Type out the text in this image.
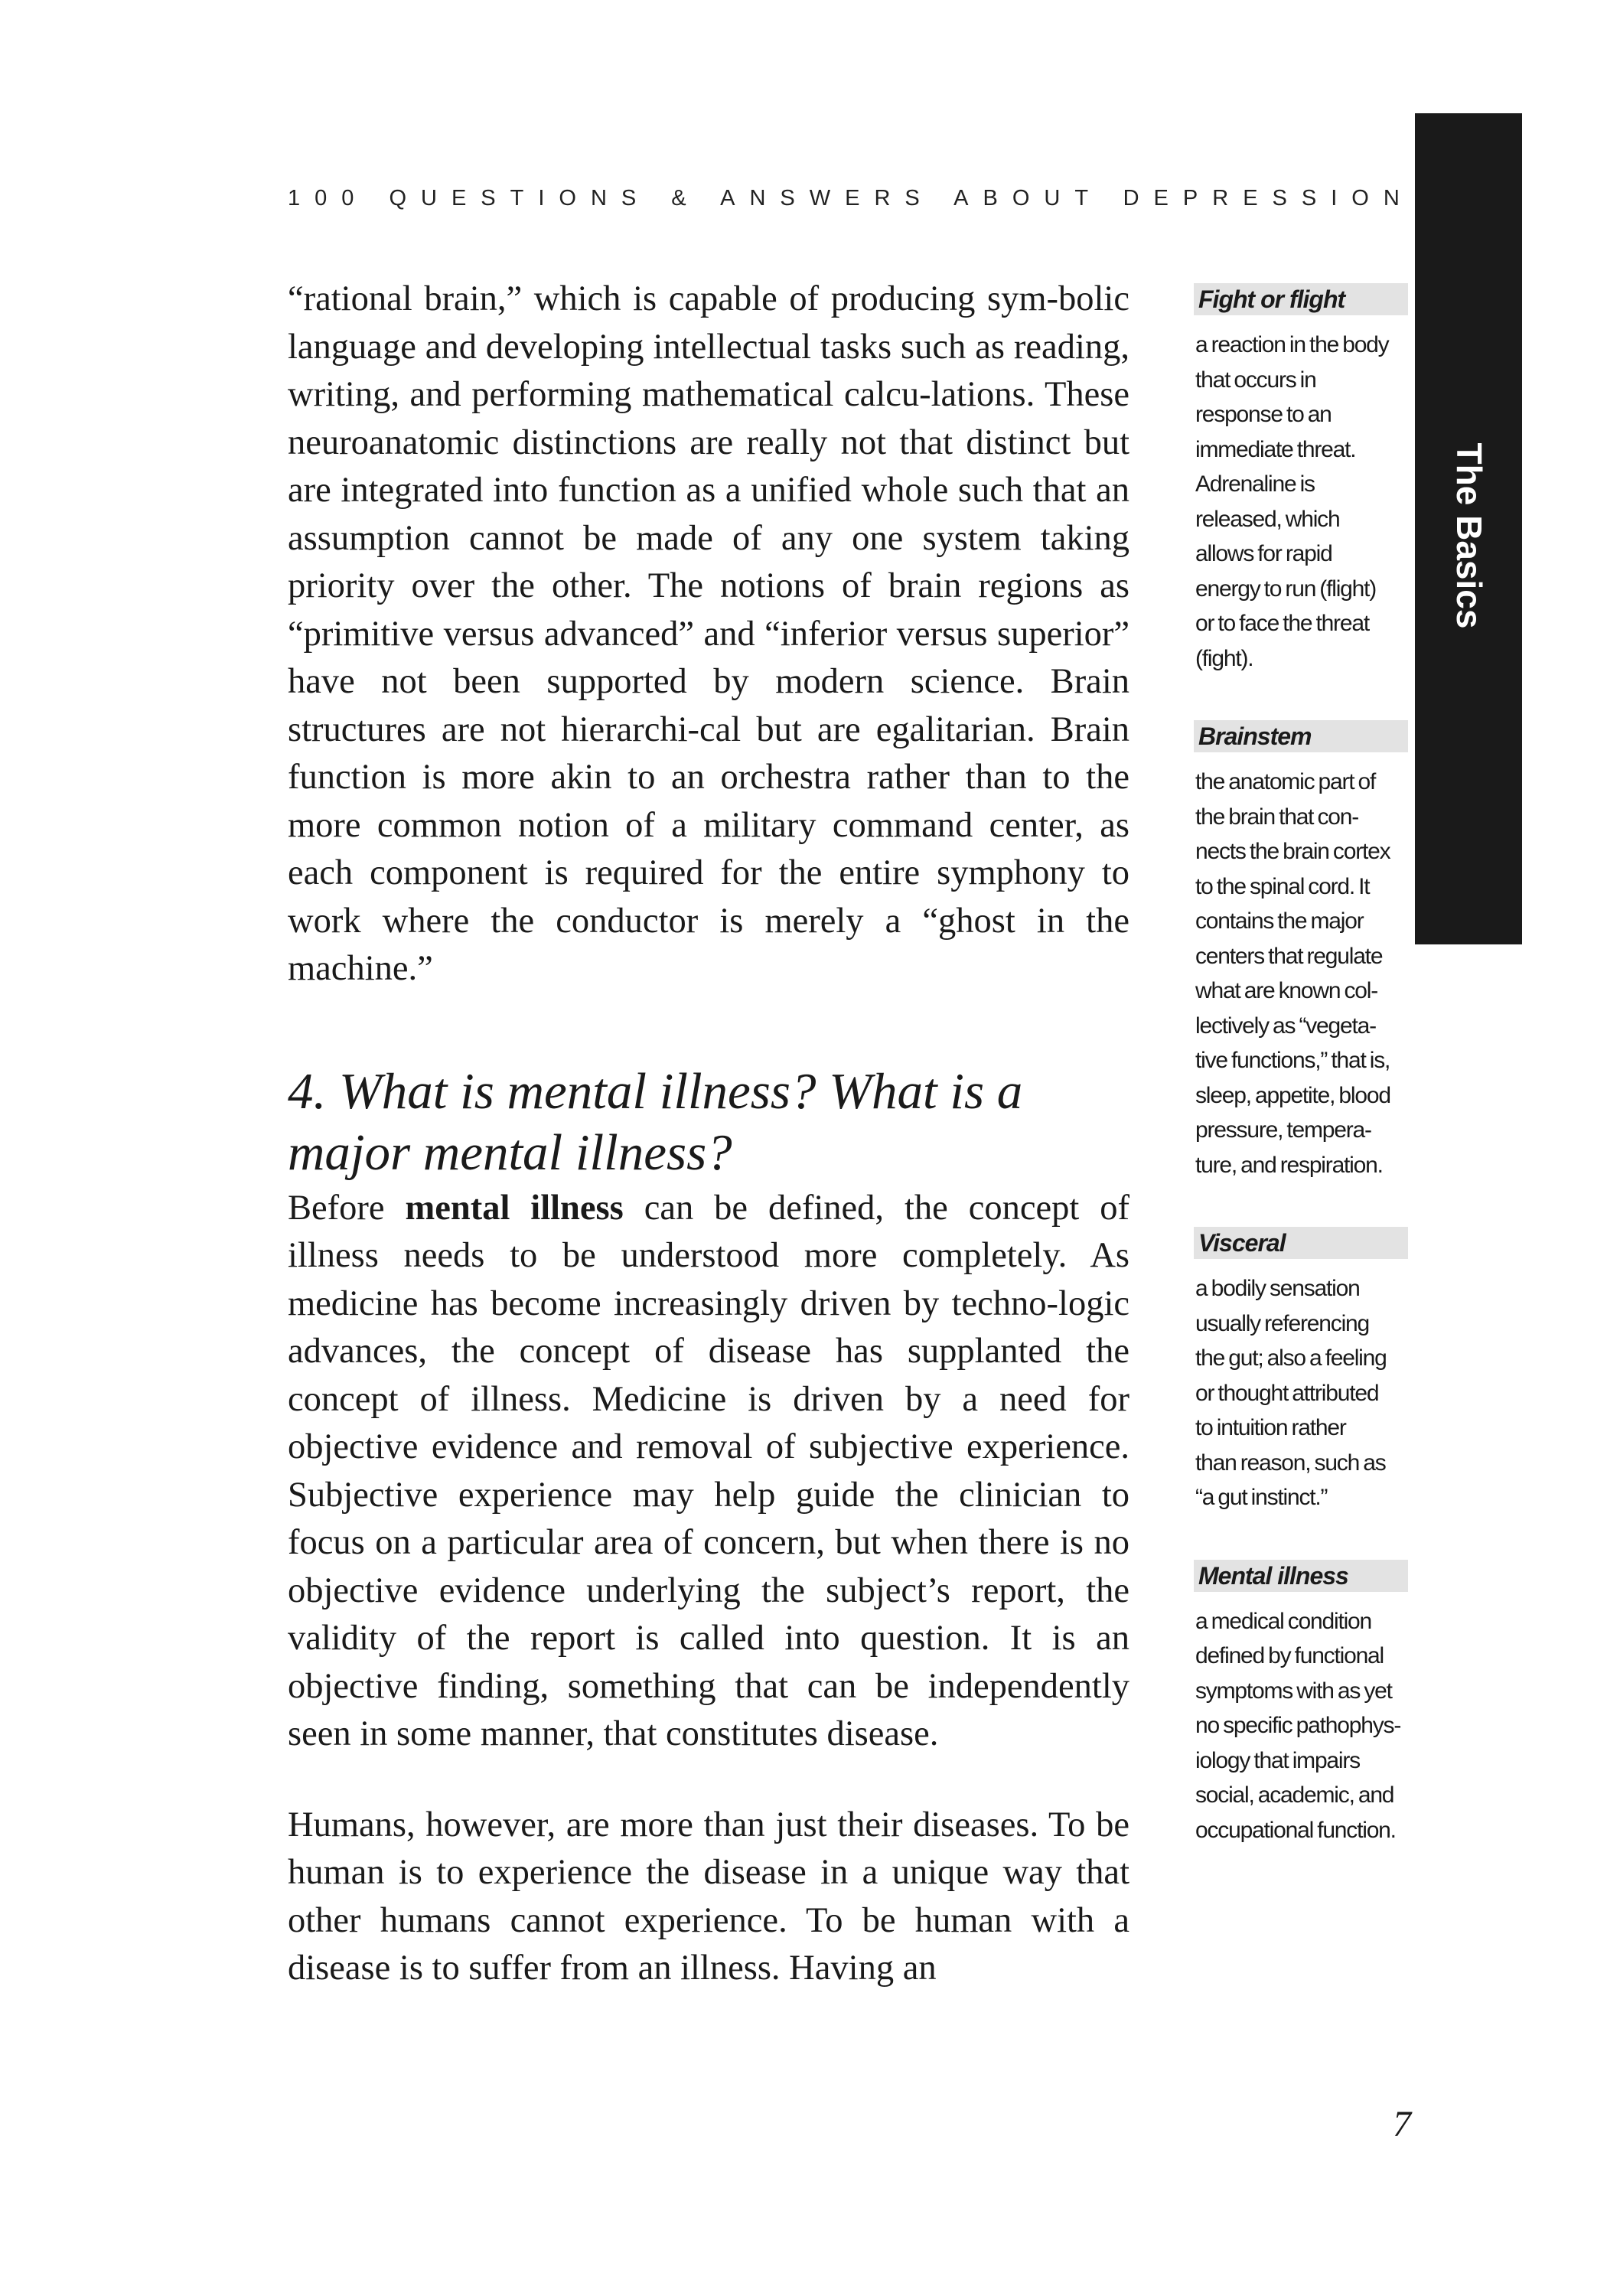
100 QUESTIONS & ANSWERS ABOUT DEPRESSION
The Basics

“rational brain,” which is capable of producing sym-bolic language and developing intellectual tasks such as reading, writing, and performing mathematical calcu-lations. These neuroanatomic distinctions are really not that distinct but are integrated into function as a unified whole such that an assumption cannot be made of any one system taking priority over the other. The notions of brain regions as “primitive versus advanced” and “inferior versus superior” have not been supported by modern science. Brain structures are not hierarchi-cal but are egalitarian. Brain function is more akin to an orchestra rather than to the more common notion of a military command center, as each component is required for the entire symphony to work where the conductor is merely a “ghost in the machine.”

4. What is mental illness? What is a major mental illness?

Before mental illness can be defined, the concept of illness needs to be understood more completely. As medicine has become increasingly driven by techno-logic advances, the concept of disease has supplanted the concept of illness. Medicine is driven by a need for objective evidence and removal of subjective experience. Subjective experience may help guide the clinician to focus on a particular area of concern, but when there is no objective evidence underlying the subject’s report, the validity of the report is called into question. It is an objective finding, something that can be independently seen in some manner, that constitutes disease.

Humans, however, are more than just their diseases. To be human is to experience the disease in a unique way that other humans cannot experience. To be human with a disease is to suffer from an illness. Having an

Fight or flight
a reaction in the body
that occurs in
response to an
immediate threat.
Adrenaline is
released, which
allows for rapid
energy to run (flight)
or to face the threat
(fight).
Brainstem
the anatomic part of
the brain that con-
nects the brain cortex
to the spinal cord. It
contains the major
centers that regulate
what are known col-
lectively as “vegeta-
tive functions,” that is,
sleep, appetite, blood
pressure, tempera-
ture, and respiration.
Visceral
a bodily sensation
usually referencing
the gut; also a feeling
or thought attributed
to intuition rather
than reason, such as
“a gut instinct.”
Mental illness
a medical condition
defined by functional
symptoms with as yet
no specific pathophys-
iology that impairs
social, academic, and
occupational function.
7
